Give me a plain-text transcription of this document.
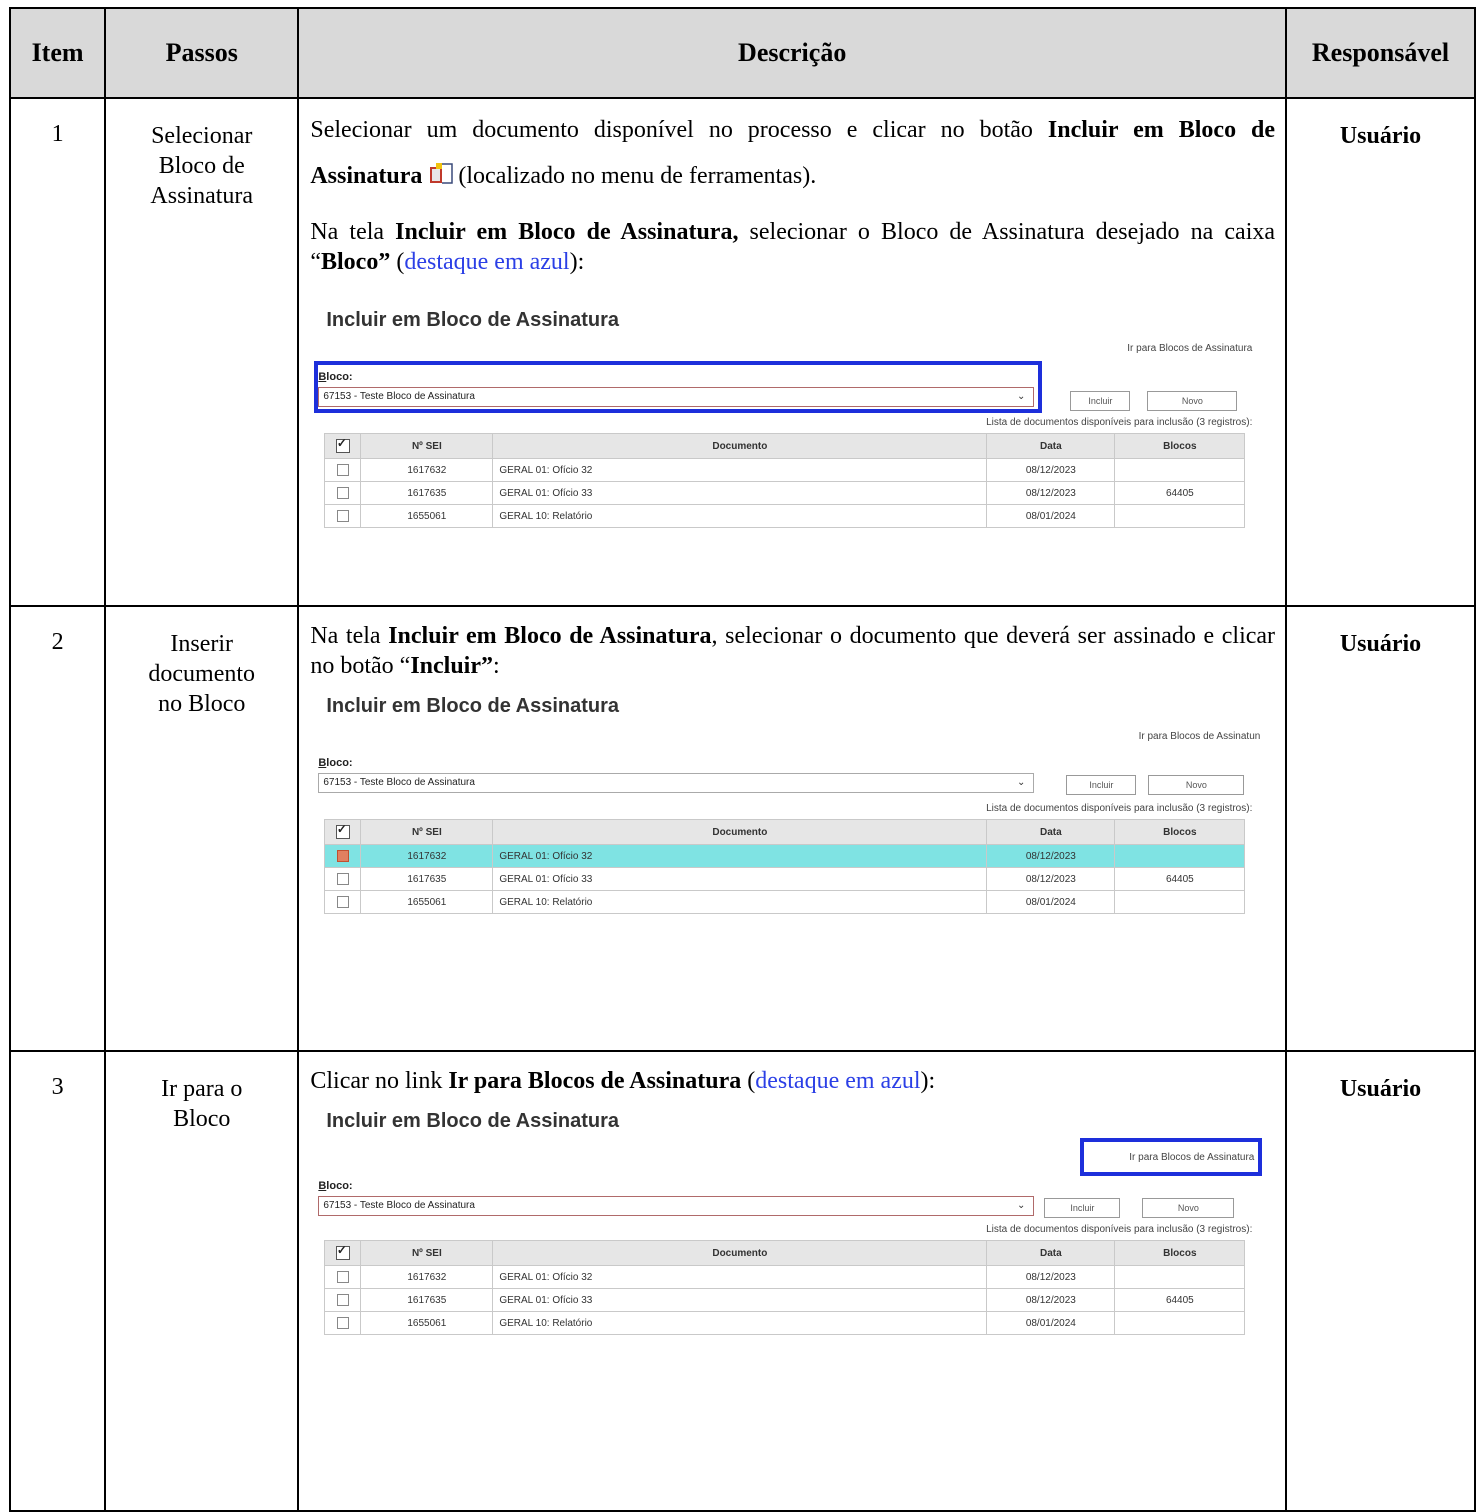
Item	Passos	Descrição	Responsável
1	Selecionar
Bloco de
Assinatura	

Selecionar um documento disponível no processo e clicar no botão Incluir em Bloco de Assinatura (localizado no menu de ferramentas).

Na tela Incluir em Bloco de Assinatura, selecionar o Bloco de Assinatura desejado na caixa “Bloco” (destaque em azul):

Incluir em Bloco de Assinatura
Ir para Blocos de Assinatura
Bloco:
67153 - Teste Bloco de Assinatura	⌄	Incluir	Novo
Lista de documentos disponíveis para inclusão (3 registros):
✓	Nº SEI	Documento	Data	Blocos
	1617632	GERAL 01: Ofício 32	08/12/2023	
	1617635	GERAL 01: Ofício 33	08/12/2023	64405
	1655061	GERAL 10: Relatório	08/01/2024	
	Usuário
2	Inserir
documento
no Bloco	

Na tela Incluir em Bloco de Assinatura, selecionar o documento que deverá ser assinado e clicar no botão “Incluir”:

Incluir em Bloco de Assinatura
Ir para Blocos de Assinatun
Bloco:
67153 - Teste Bloco de Assinatura	⌄	Incluir	Novo
Lista de documentos disponíveis para inclusão (3 registros):
✓	Nº SEI	Documento	Data	Blocos
	1617632	GERAL 01: Ofício 32	08/12/2023	
	1617635	GERAL 01: Ofício 33	08/12/2023	64405
	1655061	GERAL 10: Relatório	08/01/2024	
	Usuário
3	Ir para o
Bloco	

Clicar no link Ir para Blocos de Assinatura (destaque em azul):

Incluir em Bloco de Assinatura
Ir para Blocos de Assinatura
Bloco:
67153 - Teste Bloco de Assinatura	⌄	Incluir	Novo
Lista de documentos disponíveis para inclusão (3 registros):
✓	Nº SEI	Documento	Data	Blocos
	1617632	GERAL 01: Ofício 32	08/12/2023	
	1617635	GERAL 01: Ofício 33	08/12/2023	64405
	1655061	GERAL 10: Relatório	08/01/2024	
	Usuário
